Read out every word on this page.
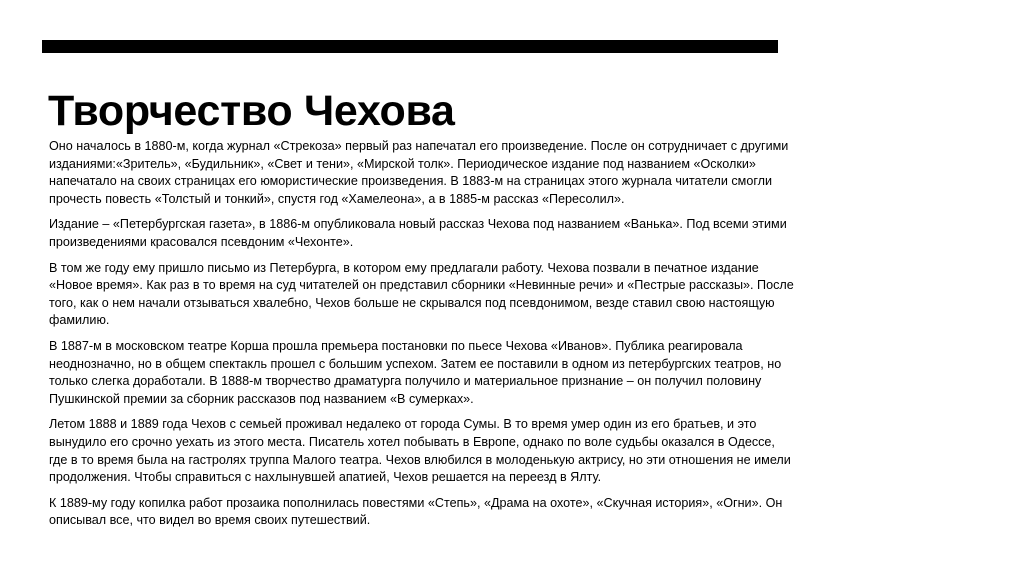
Творчество Чехова

Оно началось в 1880-м, когда журнал «Стрекоза» первый раз напечатал его произведение. После он сотрудничает с другими изданиями:«Зритель», «Будильник», «Свет и тени», «Мирской толк». Периодическое издание под названием «Осколки» напечатало на своих страницах его юмористические произведения. В 1883-м на страницах этого журнала читатели смогли прочесть повесть «Толстый и тонкий», спустя год «Хамелеона», а в 1885-м рассказ «Пересолил».

Издание – «Петербургская газета», в 1886-м опубликовала новый рассказ Чехова под названием «Ванька». Под всеми этими произведениями красовался псевдоним «Чехонте».

В том же году ему пришло письмо из Петербурга, в котором ему предлагали работу. Чехова позвали в печатное издание «Новое время». Как раз в то время на суд читателей он представил сборники «Невинные речи» и «Пестрые рассказы». После того, как о нем начали отзываться хвалебно, Чехов больше не скрывался под псевдонимом, везде ставил свою настоящую фамилию.

В 1887-м в московском театре Корша прошла премьера постановки по пьесе Чехова «Иванов». Публика реагировала неоднозначно, но в общем спектакль прошел с большим успехом. Затем ее поставили в одном из петербургских театров, но только слегка доработали. В 1888-м творчество драматурга получило и материальное признание – он получил половину Пушкинской премии за сборник рассказов под названием «В сумерках».

Летом 1888 и 1889 года Чехов с семьей проживал недалеко от города Сумы. В то время умер один из его братьев, и это вынудило его срочно уехать из этого места. Писатель хотел побывать в Европе, однако по воле судьбы оказался в Одессе, где в то время была на гастролях труппа Малого театра. Чехов влюбился в молоденькую актрису, но эти отношения не имели продолжения. Чтобы справиться с нахлынувшей апатией, Чехов решается на переезд в Ялту.

К 1889-му году копилка работ прозаика пополнилась повестями «Степь», «Драма на охоте», «Скучная история», «Огни». Он описывал все, что видел во время своих путешествий.
